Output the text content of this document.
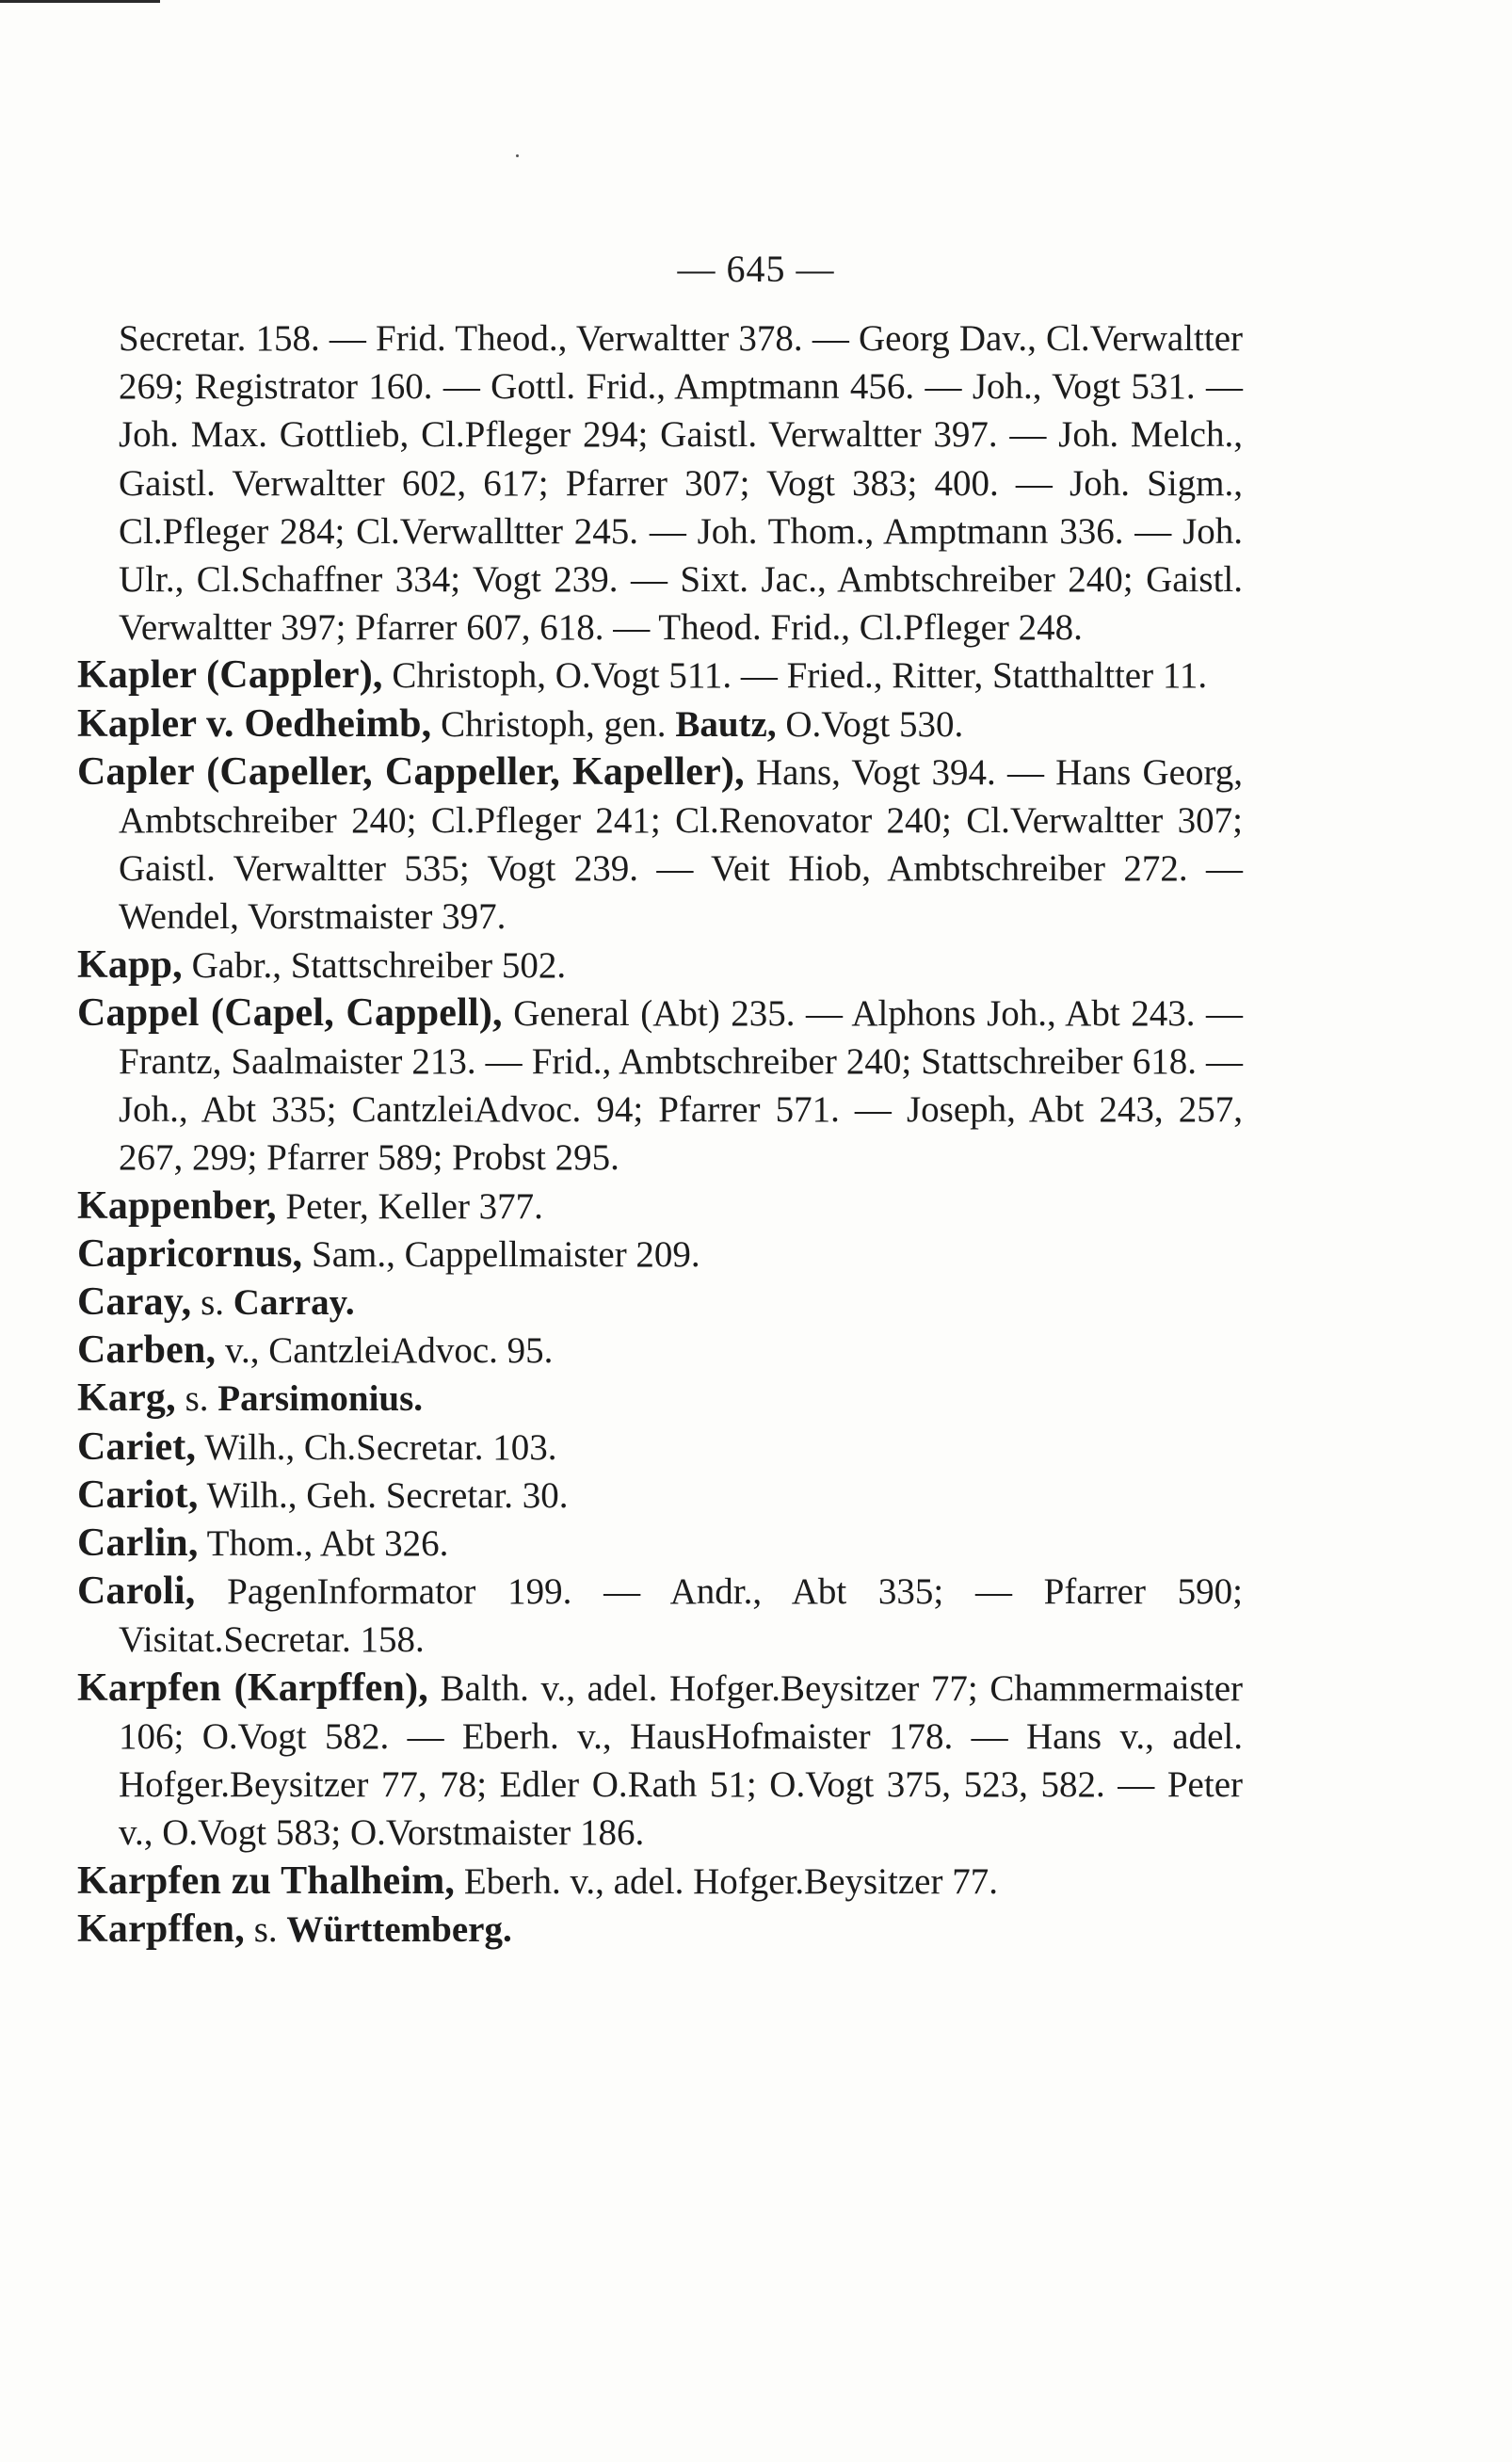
— 645 —

Secretar. 158. — Frid. Theod., Verwaltter 378. — Georg Dav., Cl.Verwaltter 269; Registrator 160. — Gottl. Frid., Amptmann 456. — Joh., Vogt 531. — Joh. Max. Gottlieb, Cl.Pfleger 294; Gaistl. Verwaltter 397. — Joh. Melch., Gaistl. Verwaltter 602, 617; Pfarrer 307; Vogt 383; 400. — Joh. Sigm., Cl.Pfleger 284; Cl.Verwalltter 245. — Joh. Thom., Amptmann 336. — Joh. Ulr., Cl.Schaffner 334; Vogt 239. — Sixt. Jac., Ambtschreiber 240; Gaistl. Verwaltter 397; Pfarrer 607, 618. — Theod. Frid., Cl.Pfleger 248.

Kapler (Cappler), Christoph, O.Vogt 511. — Fried., Ritter, Statthaltter 11.

Kapler v. Oedheimb, Christoph, gen. Bautz, O.Vogt 530.

Capler (Capeller, Cappeller, Kapeller), Hans, Vogt 394. — Hans Georg, Ambtschreiber 240; Cl.Pfleger 241; Cl.Renovator 240; Cl.Verwaltter 307; Gaistl. Verwaltter 535; Vogt 239. — Veit Hiob, Ambtschreiber 272. — Wendel, Vorstmaister 397.

Kapp, Gabr., Stattschreiber 502.

Cappel (Capel, Cappell), General (Abt) 235. — Alphons Joh., Abt 243. — Frantz, Saalmaister 213. — Frid., Ambtschreiber 240; Stattschreiber 618. — Joh., Abt 335; CantzleiAdvoc. 94; Pfarrer 571. — Joseph, Abt 243, 257, 267, 299; Pfarrer 589; Probst 295.

Kappenber, Peter, Keller 377.

Capricornus, Sam., Cappellmaister 209.

Caray, s. Carray.

Carben, v., CantzleiAdvoc. 95.

Karg, s. Parsimonius.

Cariet, Wilh., Ch.Secretar. 103.

Cariot, Wilh., Geh. Secretar. 30.

Carlin, Thom., Abt 326.

Caroli, PagenInformator 199. — Andr., Abt 335; — Pfarrer 590; Visitat.Secretar. 158.

Karpfen (Karpffen), Balth. v., adel. Hofger.Beysitzer 77; Chammermaister 106; O.Vogt 582. — Eberh. v., HausHofmaister 178. — Hans v., adel. Hofger.Beysitzer 77, 78; Edler O.Rath 51; O.Vogt 375, 523, 582. — Peter v., O.Vogt 583; O.Vorstmaister 186.

Karpfen zu Thalheim, Eberh. v., adel. Hofger.Beysitzer 77.

Karpffen, s. Württemberg.
